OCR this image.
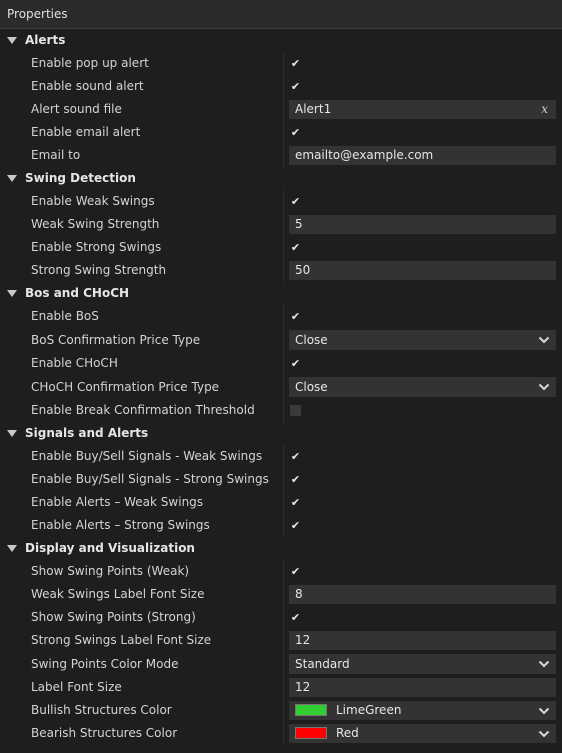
Properties
Alerts
Enable pop up alert	✔
Enable sound alert	✔
Alert sound file	Alert1	x
Enable email alert	✔
Email to	emailto@example.com
Swing Detection
Enable Weak Swings	✔
Weak Swing Strength	5
Enable Strong Swings	✔
Strong Swing Strength	50
Bos and CHoCH
Enable BoS	✔
BoS Confirmation Price Type	Close
Enable CHoCH	✔
CHoCH Confirmation Price Type	Close
Enable Break Confirmation Threshold
Signals and Alerts
Enable Buy/Sell Signals - Weak Swings	✔
Enable Buy/Sell Signals - Strong Swings ✔
Enable Alerts – Weak Swings	✔
Enable Alerts – Strong Swings	✔
Display and Visualization
Show Swing Points (Weak)	✔
Weak Swings Label Font Size	8
Show Swing Points (Strong)	✔
Strong Swings Label Font Size	12
Swing Points Color Mode	Standard
Label Font Size	12
Bullish Structures Color	LimeGreen
Bearish Structures Color	Red
